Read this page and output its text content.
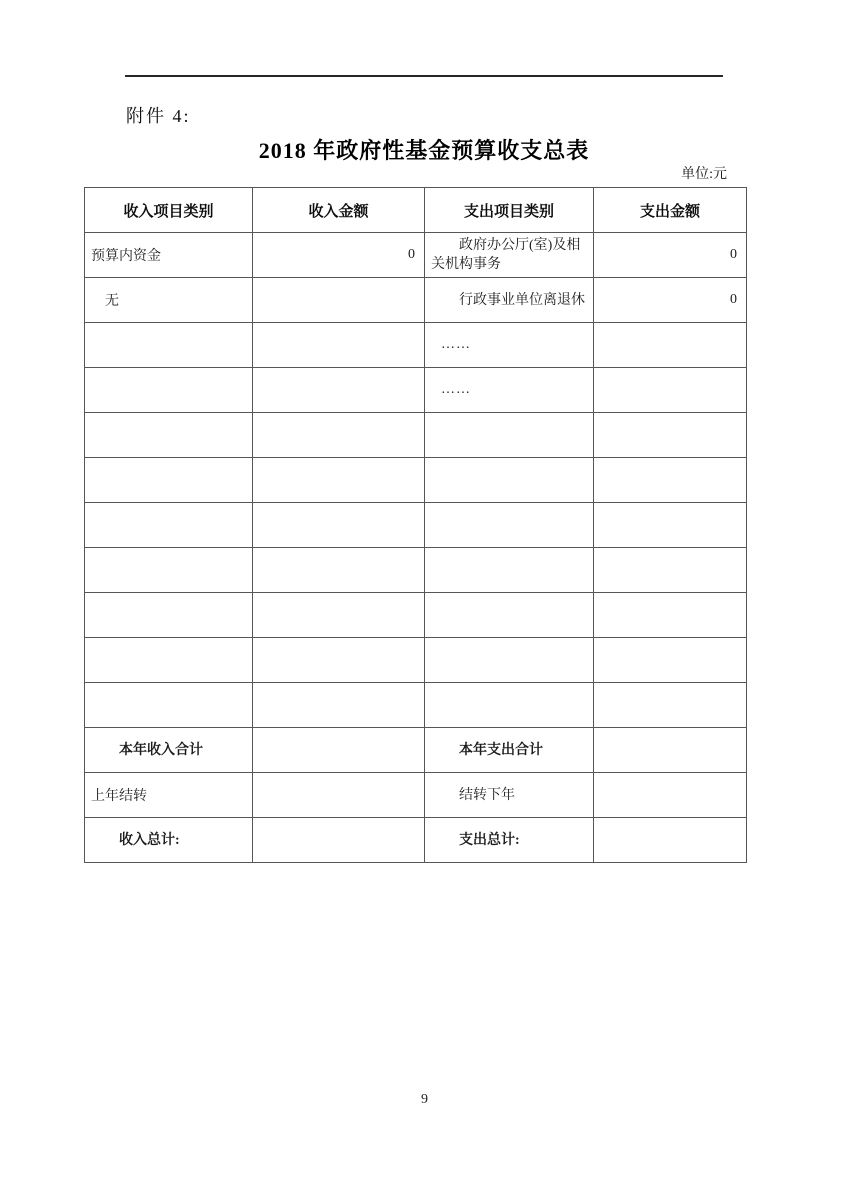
附件 4:
2018 年政府性基金预算收支总表
单位:元
收入项目类别	收入金额	支出项目类别	支出金额
预算内资金	0	政府办公厅(室)及相关机构事务	0
无		行政事业单位离退休	0
		……	
		……	

本年收入合计		本年支出合计	
上年结转		结转下年	
收入总计:		支出总计:	
9
